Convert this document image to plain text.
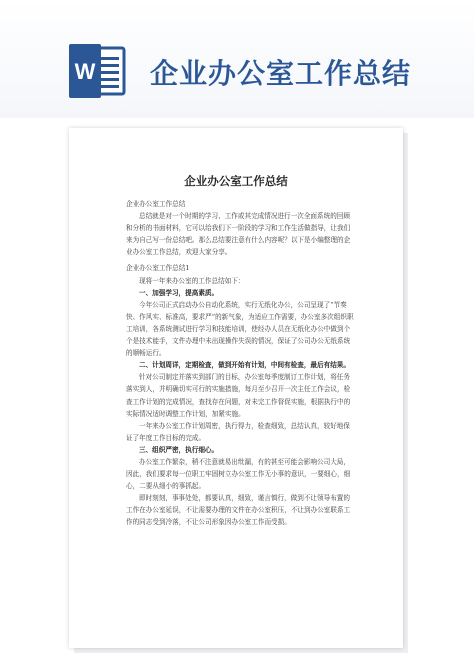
W 企业办公室工作总结
企业办公室工作总结

企业办公室工作总结

总结就是对一个时期的学习、工作或其完成情况进行一次全面系统的回顾和分析的书面材料，它可以给我们下一阶段的学习和工作生活做指导，让我们来为自己写一份总结吧。那么总结要注意有什么内容呢？以下是小编整理的企业办公室工作总结，欢迎大家分享。

企业办公室工作总结1

现将一年来办公室的工作总结如下：

一、加强学习，提高素质。

今年公司正式启动办公自动化系统，实行无纸化办公，公司呈现了“节奏快、作风实、标准高，要求严”的新气象，为适应工作需要，办公室多次组织职工培训，各系统测试进行学习和技能培训，使经办人员在无纸化办公中做到个个是技术能手，文件办理中未出现操作失误的情况，保证了公司办公无纸系统的顺畅运行。

二、计划周详，定期检查，做到开始有计划，中间有检查，最后有结果。

针对公司制定并落实到部门的目标，办公室每季度制订工作计划，将任务落实到人，并明确切实可行的实施措施，每月至少召开一次主任工作会议，检查工作计划的完成情况，查找存在问题，对未完工作督促实施，根据执行中的实际情况适时调整工作计划，加紧实施。

一年来办公室工作计划周密，执行得力，检查细致，总结认真，较好地保证了年度工作目标的完成。

三、组织严密，执行细心。

办公室工作繁杂，稍不注意就易出纰漏，有的甚至可能会影响公司大局，因此，我们要求每一位职工牢固树立办公室工作无小事的意识，一要细心，细心，二要从细小的事抓起。

即时刻刻，事事处处，都要认真，细致，谨言慎行，做到不让领导布置的工作在办公室延误，不让需要办理的文件在办公室积压，不让到办公室联系工作的同志受到冷落，不让公司形象因办公室工作而受损。
